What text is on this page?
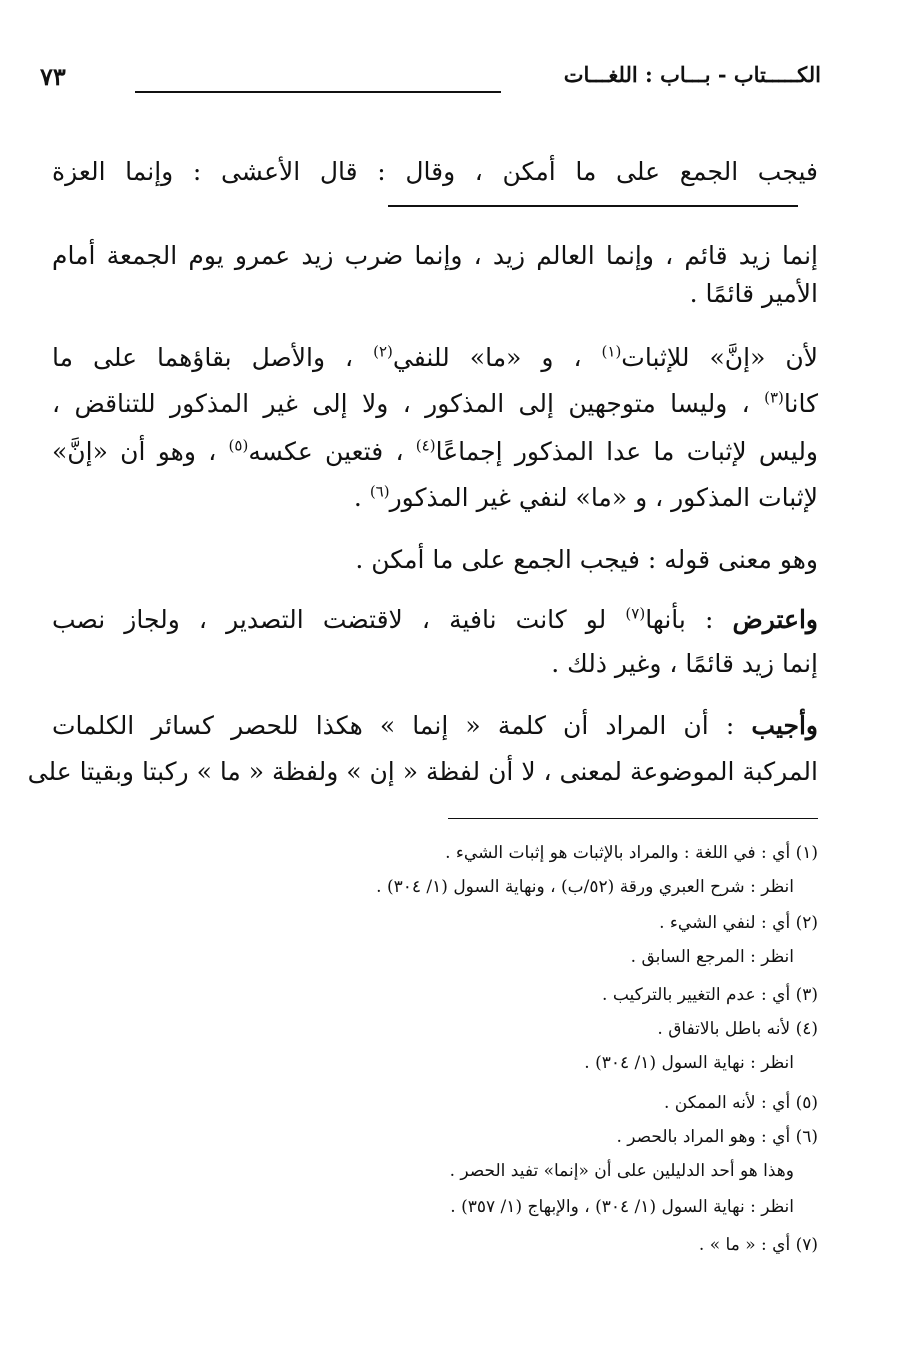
الكـــــتاب - بـــاب : اللغـــات
٧٣
فيجب الجمع على ما أمكن ، وقال : قال الأعشى : وإنما العزة
إنما زيد قائم ، وإنما العالم زيد ، وإنما ضرب زيد عمرو يوم الجمعة أمام
الأمير قائمًا .
لأن «إنَّ» للإثبات$^{(١)}$ ، و «ما» للنفي$^{(٢)}$ ، والأصل بقاؤهما على ما
كانا$^{(٣)}$ ، وليسا متوجهين إلى المذكور ، ولا إلى غير المذكور للتناقض ،
وليس لإثبات ما عدا المذكور إجماعًا$^{(٤)}$ ، فتعين عكسه$^{(٥)}$ ، وهو أن «إنَّ»
لإثبات المذكور ، و «ما» لنفي غير المذكور$^{(٦)}$ .
وهو معنى قوله : فيجب الجمع على ما أمكن .
واعترض : بأنها$^{(٧)}$ لو كانت نافية ، لاقتضت التصدير ، ولجاز نصب
إنما زيد قائمًا ، وغير ذلك .
وأجيب : أن المراد أن كلمة « إنما » هكذا للحصر كسائر الكلمات
المركبة الموضوعة لمعنى ، لا أن لفظة « إن » ولفظة « ما » ركبتا وبقيتا على
(١) أي : في اللغة : والمراد بالإثبات هو إثبات الشيء .
انظر : شرح العبري ورقة (٥٢/ب) ، ونهاية السول (١/ ٣٠٤) .
(٢) أي : لنفي الشيء .
انظر : المرجع السابق .
(٣) أي : عدم التغيير بالتركيب .
(٤) لأنه باطل بالاتفاق .
انظر : نهاية السول (١/ ٣٠٤) .
(٥) أي : لأنه الممكن .
(٦) أي : وهو المراد بالحصر .
وهذا هو أحد الدليلين على أن «إنما» تفيد الحصر .
انظر : نهاية السول (١/ ٣٠٤) ، والإبهاج (١/ ٣٥٧) .
(٧) أي : « ما » .
